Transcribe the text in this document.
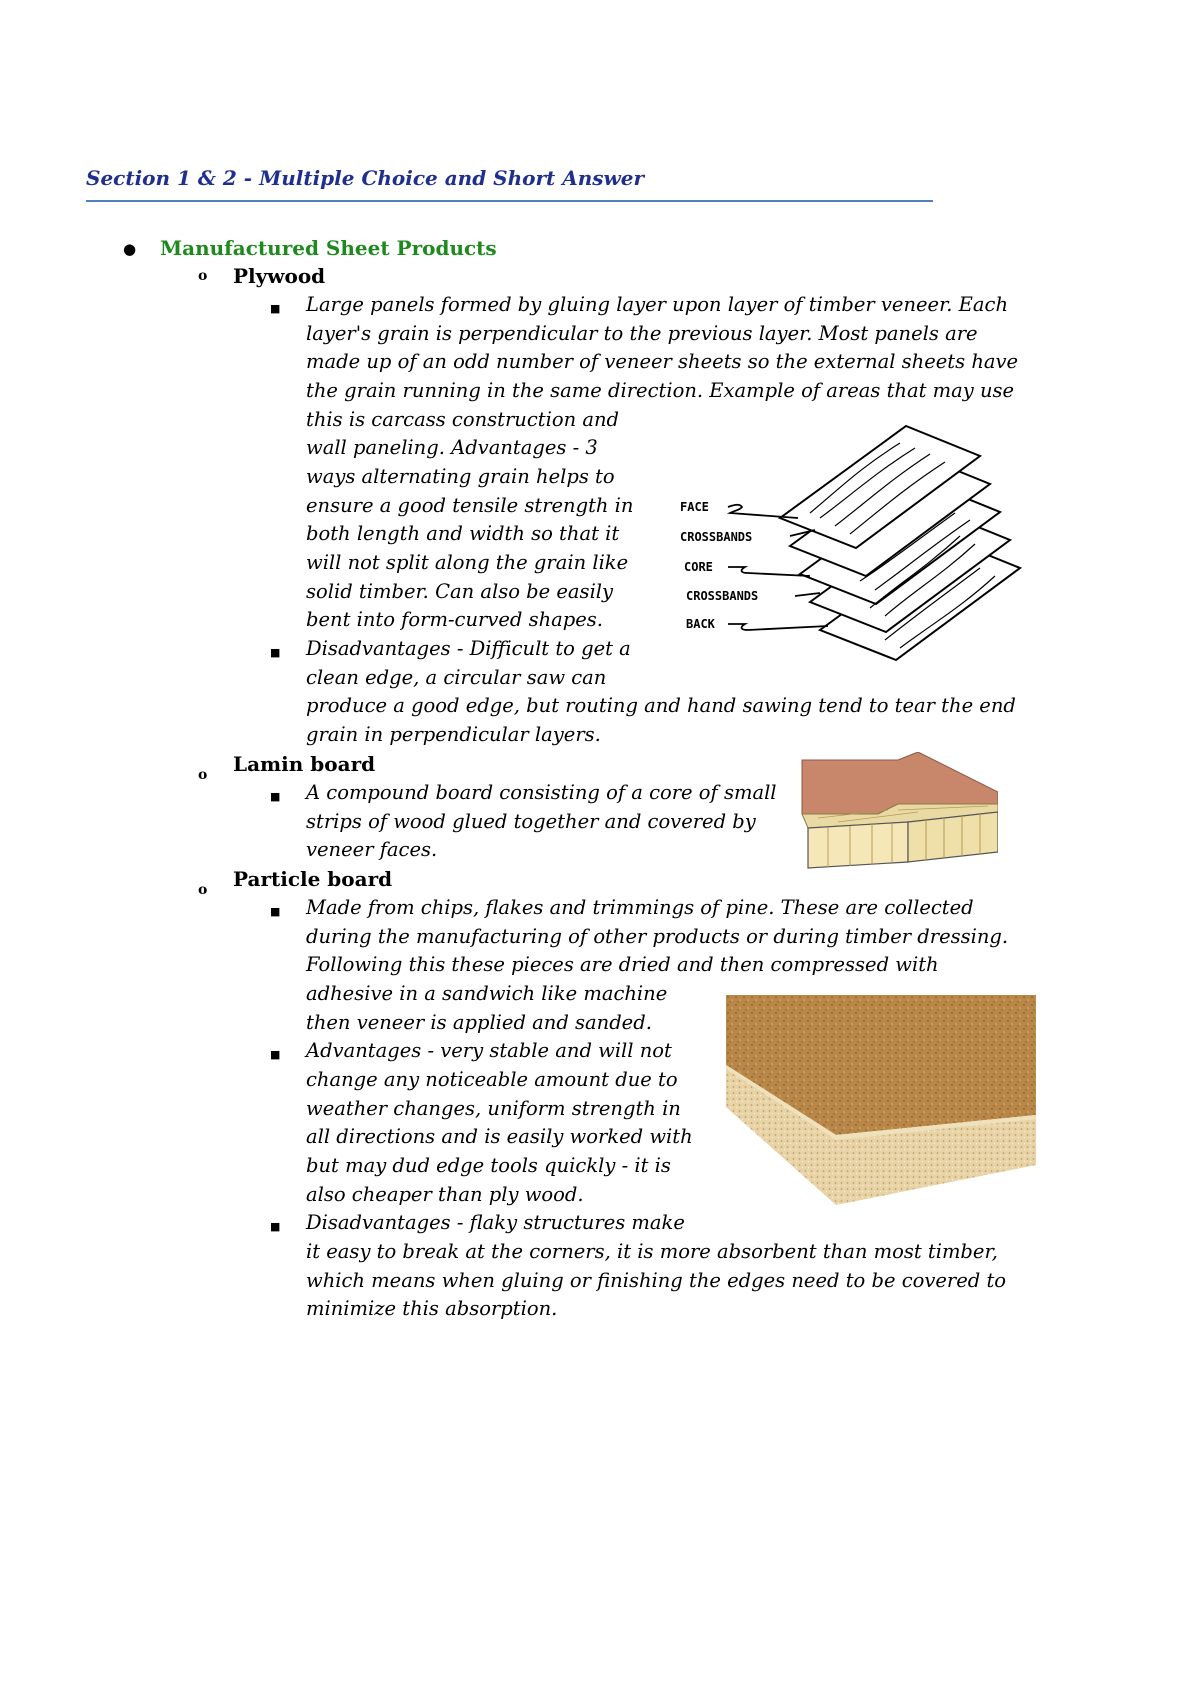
Section 1 & 2 - Multiple Choice and Short Answer
● Manufactured Sheet Products

o Plywood

■ Large panels formed by gluing layer upon layer of timber veneer. Each

layer's grain is perpendicular to the previous layer. Most panels are

made up of an odd number of veneer sheets so the external sheets have

the grain running in the same direction. Example of areas that may use

this is carcass construction and

wall paneling. Advantages - 3

ways alternating grain helps to

ensure a good tensile strength in

both length and width so that it

will not split along the grain like

solid timber. Can also be easily

bent into form-curved shapes.

■ Disadvantages - Difficult to get a

clean edge, a circular saw can

produce a good edge, but routing and hand sawing tend to tear the end

grain in perpendicular layers.

FACE
CROSSBANDS
CORE
CROSSBANDS
BACK
o Lamin board

■ A compound board consisting of a core of small

strips of wood glued together and covered by

veneer faces.

o Particle board

■ Made from chips, flakes and trimmings of pine. These are collected

during the manufacturing of other products or during timber dressing.

Following this these pieces are dried and then compressed with

adhesive in a sandwich like machine

then veneer is applied and sanded.

■ Advantages - very stable and will not

change any noticeable amount due to

weather changes, uniform strength in

all directions and is easily worked with

but may dud edge tools quickly - it is

also cheaper than ply wood.

■ Disadvantages - flaky structures make

it easy to break at the corners, it is more absorbent than most timber,

which means when gluing or finishing the edges need to be covered to

minimize this absorption.
